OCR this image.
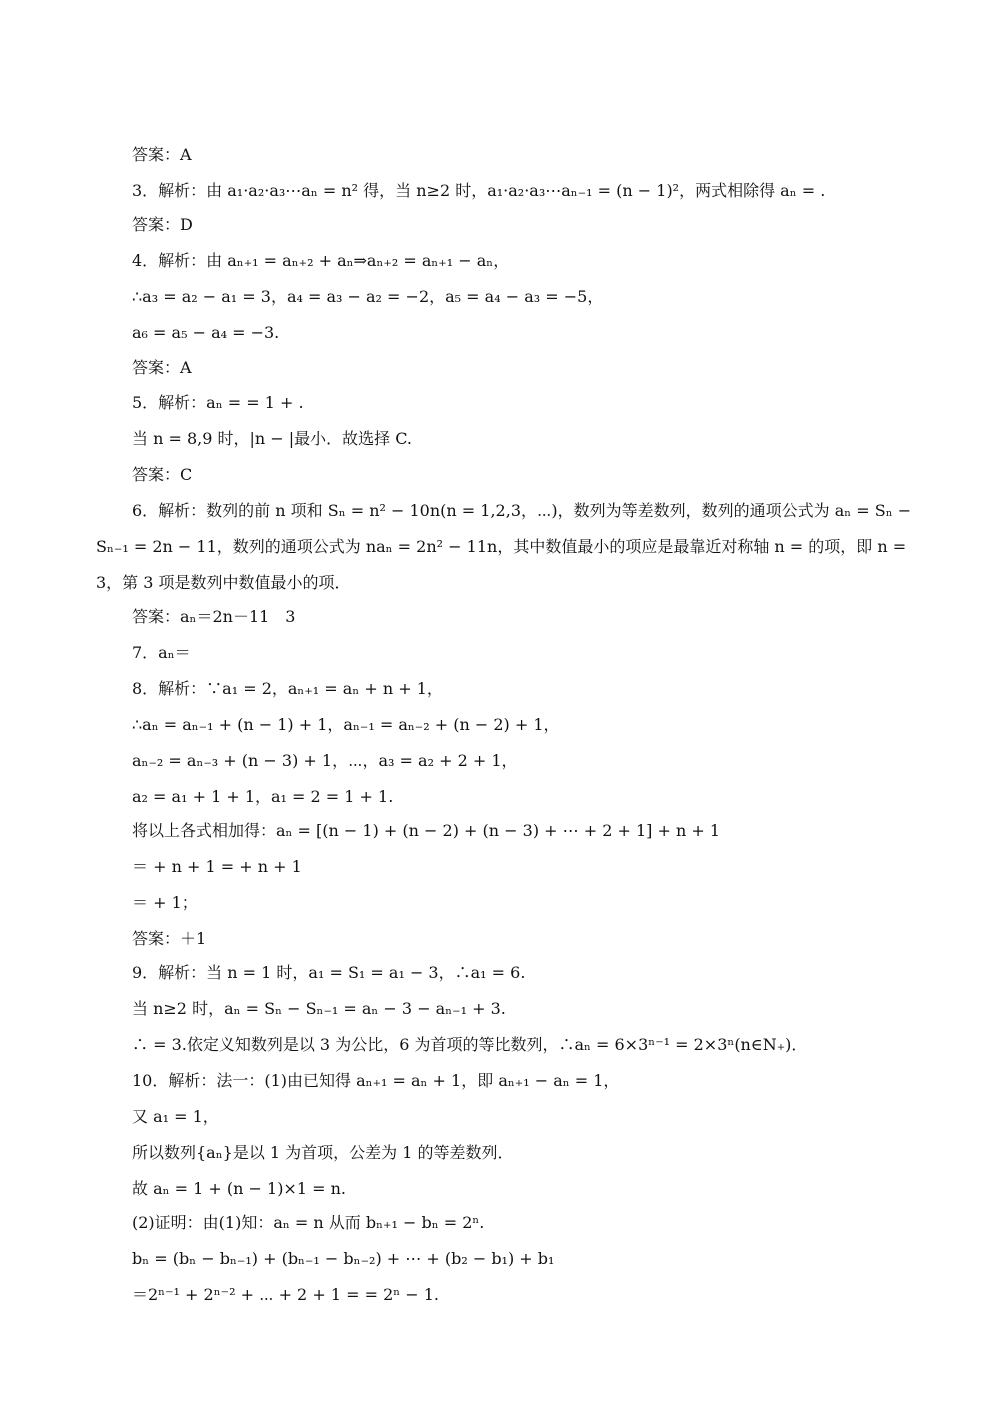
答案：A
3．解析：由 a₁·a₂·a₃⋯aₙ = n² 得，当 n≥2 时，a₁·a₂·a₃⋯aₙ₋₁ = (n − 1)²，两式相除得 aₙ = .
答案：D
4．解析：由 aₙ₊₁ = aₙ₊₂ + aₙ⇒aₙ₊₂ = aₙ₊₁ − aₙ，
∴a₃ = a₂ − a₁ = 3，a₄ = a₃ − a₂ = −2，a₅ = a₄ − a₃ = −5，
a₆ = a₅ − a₄ = −3.
答案：A
5．解析：aₙ = = 1 + .
当 n = 8,9 时，|n − |最小．故选择 C.
答案：C
6．解析：数列的前 n 项和 Sₙ = n² − 10n(n = 1,2,3，⋯)，数列为等差数列，数列的通项公式为 aₙ = Sₙ −
Sₙ₋₁ = 2n − 11，数列的通项公式为 naₙ = 2n² − 11n，其中数值最小的项应是最靠近对称轴 n = 的项，即 n =
3，第 3 项是数列中数值最小的项．
答案：aₙ＝2n－11　3
7．aₙ＝
8．解析：∵a₁ = 2，aₙ₊₁ = aₙ + n + 1，
∴aₙ = aₙ₋₁ + (n − 1) + 1，aₙ₋₁ = aₙ₋₂ + (n − 2) + 1，
aₙ₋₂ = aₙ₋₃ + (n − 3) + 1，⋯，a₃ = a₂ + 2 + 1，
a₂ = a₁ + 1 + 1，a₁ = 2 = 1 + 1.
将以上各式相加得：aₙ = [(n − 1) + (n − 2) + (n − 3) + ⋯ + 2 + 1] + n + 1
＝ + n + 1 = + n + 1
＝ + 1；
答案：＋1
9．解析：当 n = 1 时，a₁ = S₁ = a₁ − 3，∴a₁ = 6.
当 n≥2 时，aₙ = Sₙ − Sₙ₋₁ = aₙ − 3 − aₙ₋₁ + 3.
∴ = 3.依定义知数列是以 3 为公比，6 为首项的等比数列，∴aₙ = 6×3ⁿ⁻¹ = 2×3ⁿ(n∈N₊)．
10．解析：法一：(1)由已知得 aₙ₊₁ = aₙ + 1，即 aₙ₊₁ − aₙ = 1，
又 a₁ = 1，
所以数列{aₙ}是以 1 为首项，公差为 1 的等差数列．
故 aₙ = 1 + (n − 1)×1 = n.
(2)证明：由(1)知：aₙ = n 从而 bₙ₊₁ − bₙ = 2ⁿ.
bₙ = (bₙ − bₙ₋₁) + (bₙ₋₁ − bₙ₋₂) + ⋯ + (b₂ − b₁) + b₁
＝2ⁿ⁻¹ + 2ⁿ⁻² + ⋯ + 2 + 1 = = 2ⁿ − 1.
